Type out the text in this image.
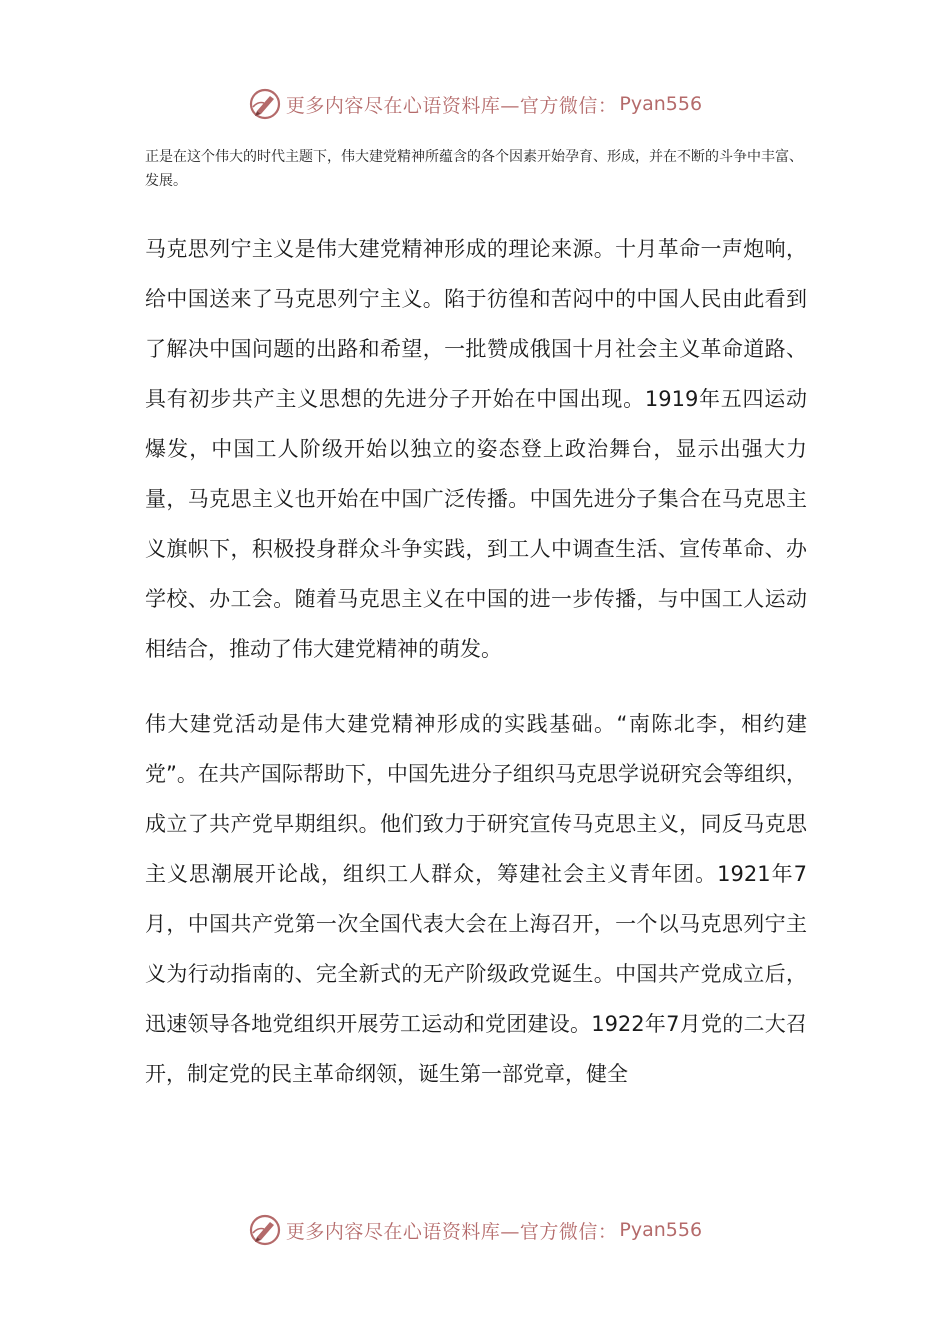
更多内容尽在心语资料库—官方微信： Pyan556

正是在这个伟大的时代主题下，伟大建党精神所蕴含的各个因素开始孕育、形成，并在不断的斗争中丰富、发展。

马克思列宁主义是伟大建党精神形成的理论来源。十月革命一声炮响，给中国送来了马克思列宁主义。陷于彷徨和苦闷中的中国人民由此看到了解决中国问题的出路和希望，一批赞成俄国十月社会主义革命道路、具有初步共产主义思想的先进分子开始在中国出现。1919年五四运动爆发，中国工人阶级开始以独立的姿态登上政治舞台，显示出强大力量，马克思主义也开始在中国广泛传播。中国先进分子集合在马克思主义旗帜下，积极投身群众斗争实践，到工人中调查生活、宣传革命、办学校、办工会。随着马克思主义在中国的进一步传播，与中国工人运动相结合，推动了伟大建党精神的萌发。

伟大建党活动是伟大建党精神形成的实践基础。“南陈北李，相约建党”。在共产国际帮助下，中国先进分子组织马克思学说研究会等组织，成立了共产党早期组织。他们致力于研究宣传马克思主义，同反马克思主义思潮展开论战，组织工人群众，筹建社会主义青年团。1921年7月，中国共产党第一次全国代表大会在上海召开，一个以马克思列宁主义为行动指南的、完全新式的无产阶级政党诞生。中国共产党成立后，迅速领导各地党组织开展劳工运动和党团建设。1922年7月党的二大召开，制定党的民主革命纲领，诞生第一部党章，健全

更多内容尽在心语资料库—官方微信： Pyan556
